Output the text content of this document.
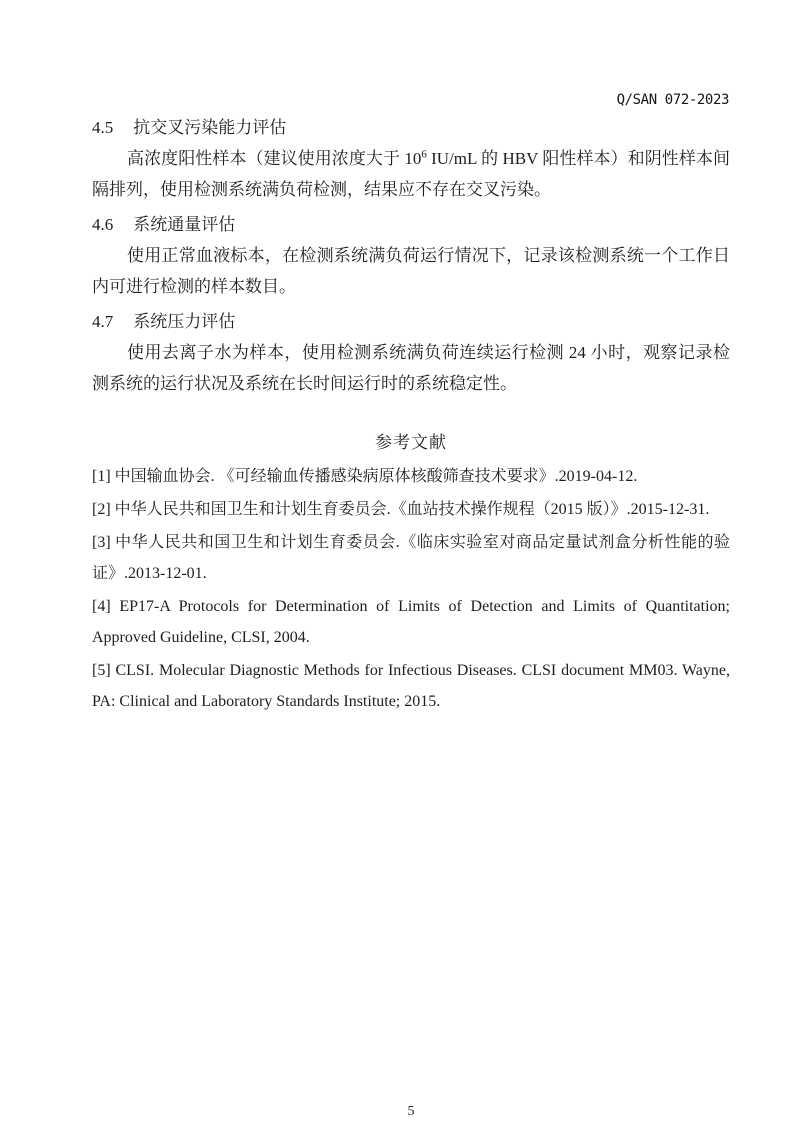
Q/SAN 072-2023
4.5 抗交叉污染能力评估

高浓度阳性样本（建议使用浓度大于 $10^6$ IU/mL 的 HBV 阳性样本）和阴性样本间隔排列，使用检测系统满负荷检测，结果应不存在交叉污染。

4.6 系统通量评估

使用正常血液标本，在检测系统满负荷运行情况下，记录该检测系统一个工作日内可进行检测的样本数目。

4.7 系统压力评估

使用去离子水为样本，使用检测系统满负荷连续运行检测 24 小时，观察记录检测系统的运行状况及系统在长时间运行时的系统稳定性。

参考文献

[1] 中国输血协会. 《可经输血传播感染病原体核酸筛查技术要求》.2019-04-12.

[2] 中华人民共和国卫生和计划生育委员会.《血站技术操作规程（2015 版）》.2015-12-31.

[3] 中华人民共和国卫生和计划生育委员会.《临床实验室对商品定量试剂盒分析性能的验证》.2013-12-01.

[4] EP17-A Protocols for Determination of Limits of Detection and Limits of Quantitation; Approved Guideline, CLSI, 2004.

[5] CLSI. Molecular Diagnostic Methods for Infectious Diseases. CLSI document MM03. Wayne, PA: Clinical and Laboratory Standards Institute; 2015.

5
